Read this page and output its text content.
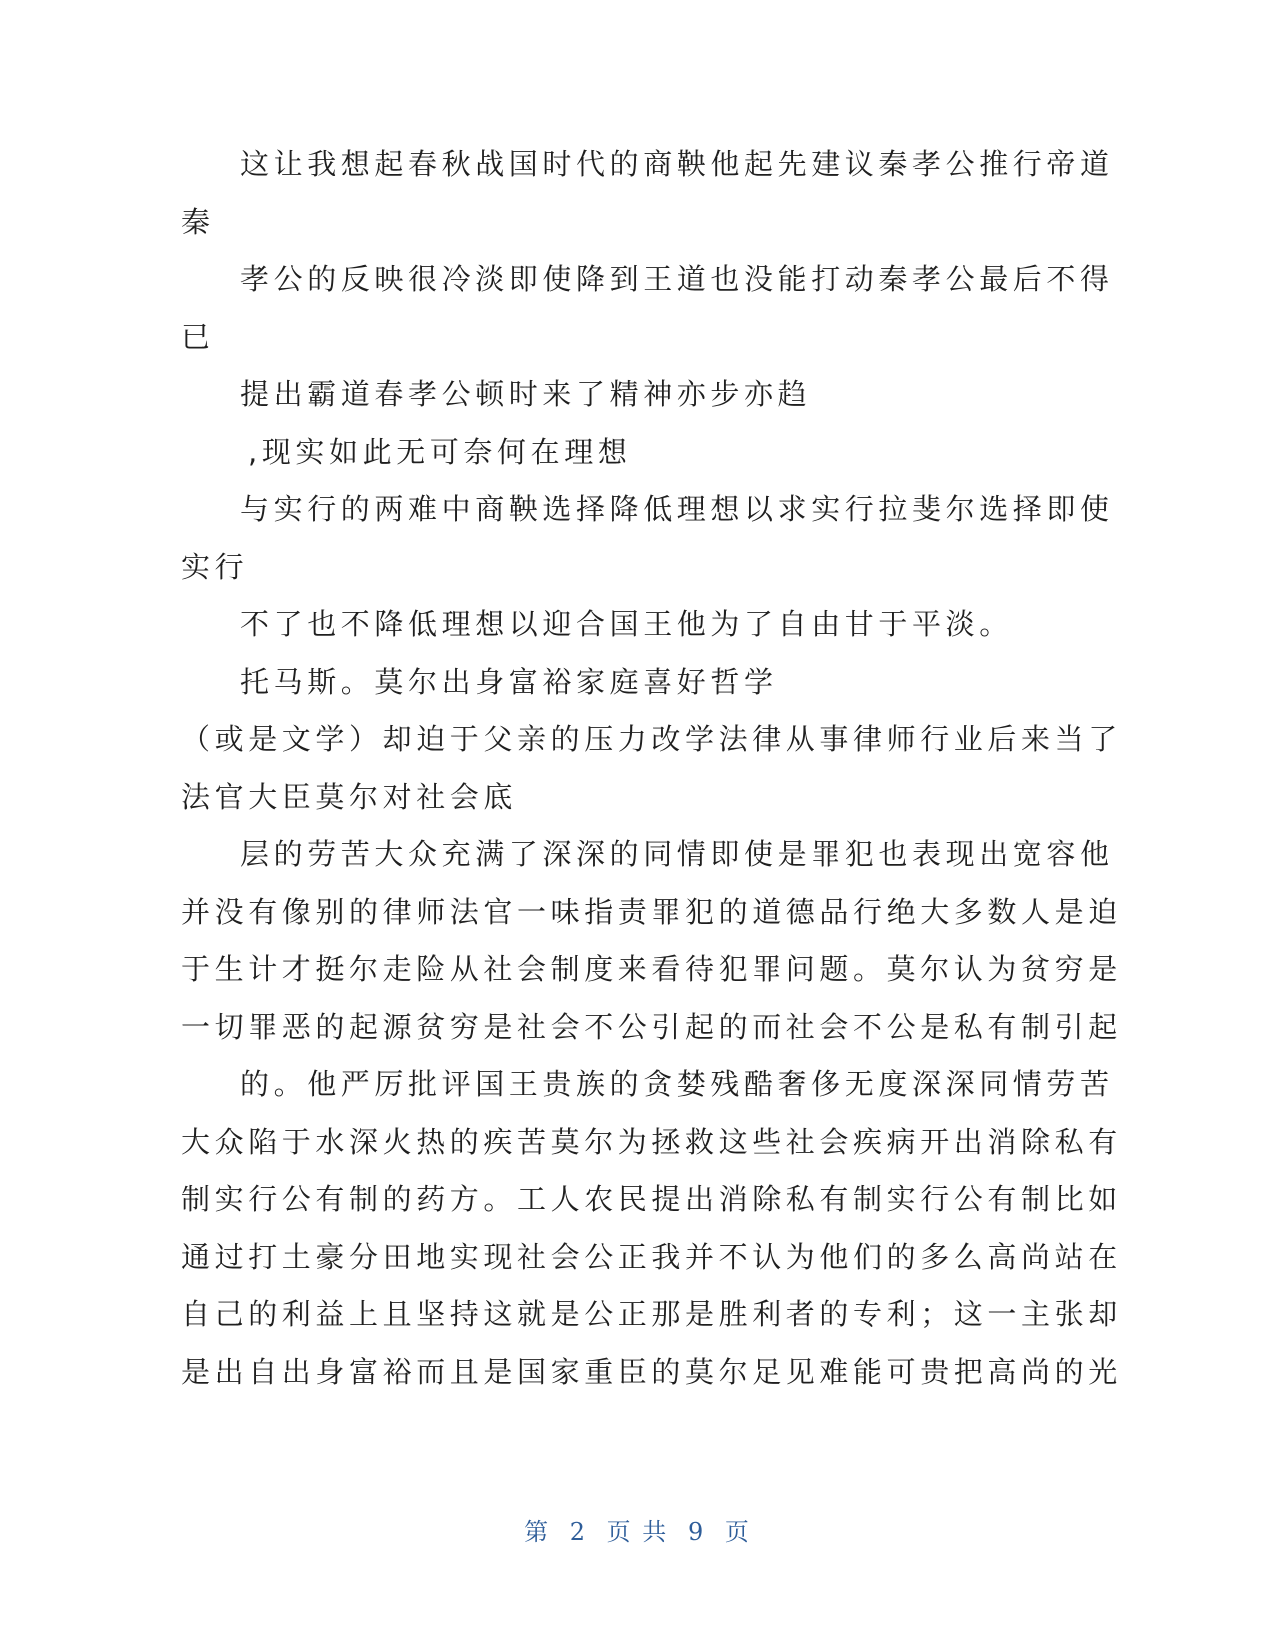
这让我想起春秋战国时代的商鞅他起先建议秦孝公推行帝道
秦
孝公的反映很冷淡即使降到王道也没能打动秦孝公最后不得
已
提出霸道春孝公顿时来了精神亦步亦趋
,现实如此无可奈何在理想
与实行的两难中商鞅选择降低理想以求实行拉斐尔选择即使
实行
不了也不降低理想以迎合国王他为了自由甘于平淡。
托马斯。莫尔出身富裕家庭喜好哲学
（或是文学）却迫于父亲的压力改学法律从事律师行业后来当了
法官大臣莫尔对社会底
层的劳苦大众充满了深深的同情即使是罪犯也表现出宽容他
并没有像别的律师法官一味指责罪犯的道德品行绝大多数人是迫
于生计才挺尔走险从社会制度来看待犯罪问题。莫尔认为贫穷是
一切罪恶的起源贫穷是社会不公引起的而社会不公是私有制引起
的。他严厉批评国王贵族的贪婪残酷奢侈无度深深同情劳苦
大众陷于水深火热的疾苦莫尔为拯救这些社会疾病开出消除私有
制实行公有制的药方。工人农民提出消除私有制实行公有制比如
通过打土豪分田地实现社会公正我并不认为他们的多么高尚站在
自己的利益上且坚持这就是公正那是胜利者的专利；这一主张却
是出自出身富裕而且是国家重臣的莫尔足见难能可贵把高尚的光
第 2 页 共 9 页
